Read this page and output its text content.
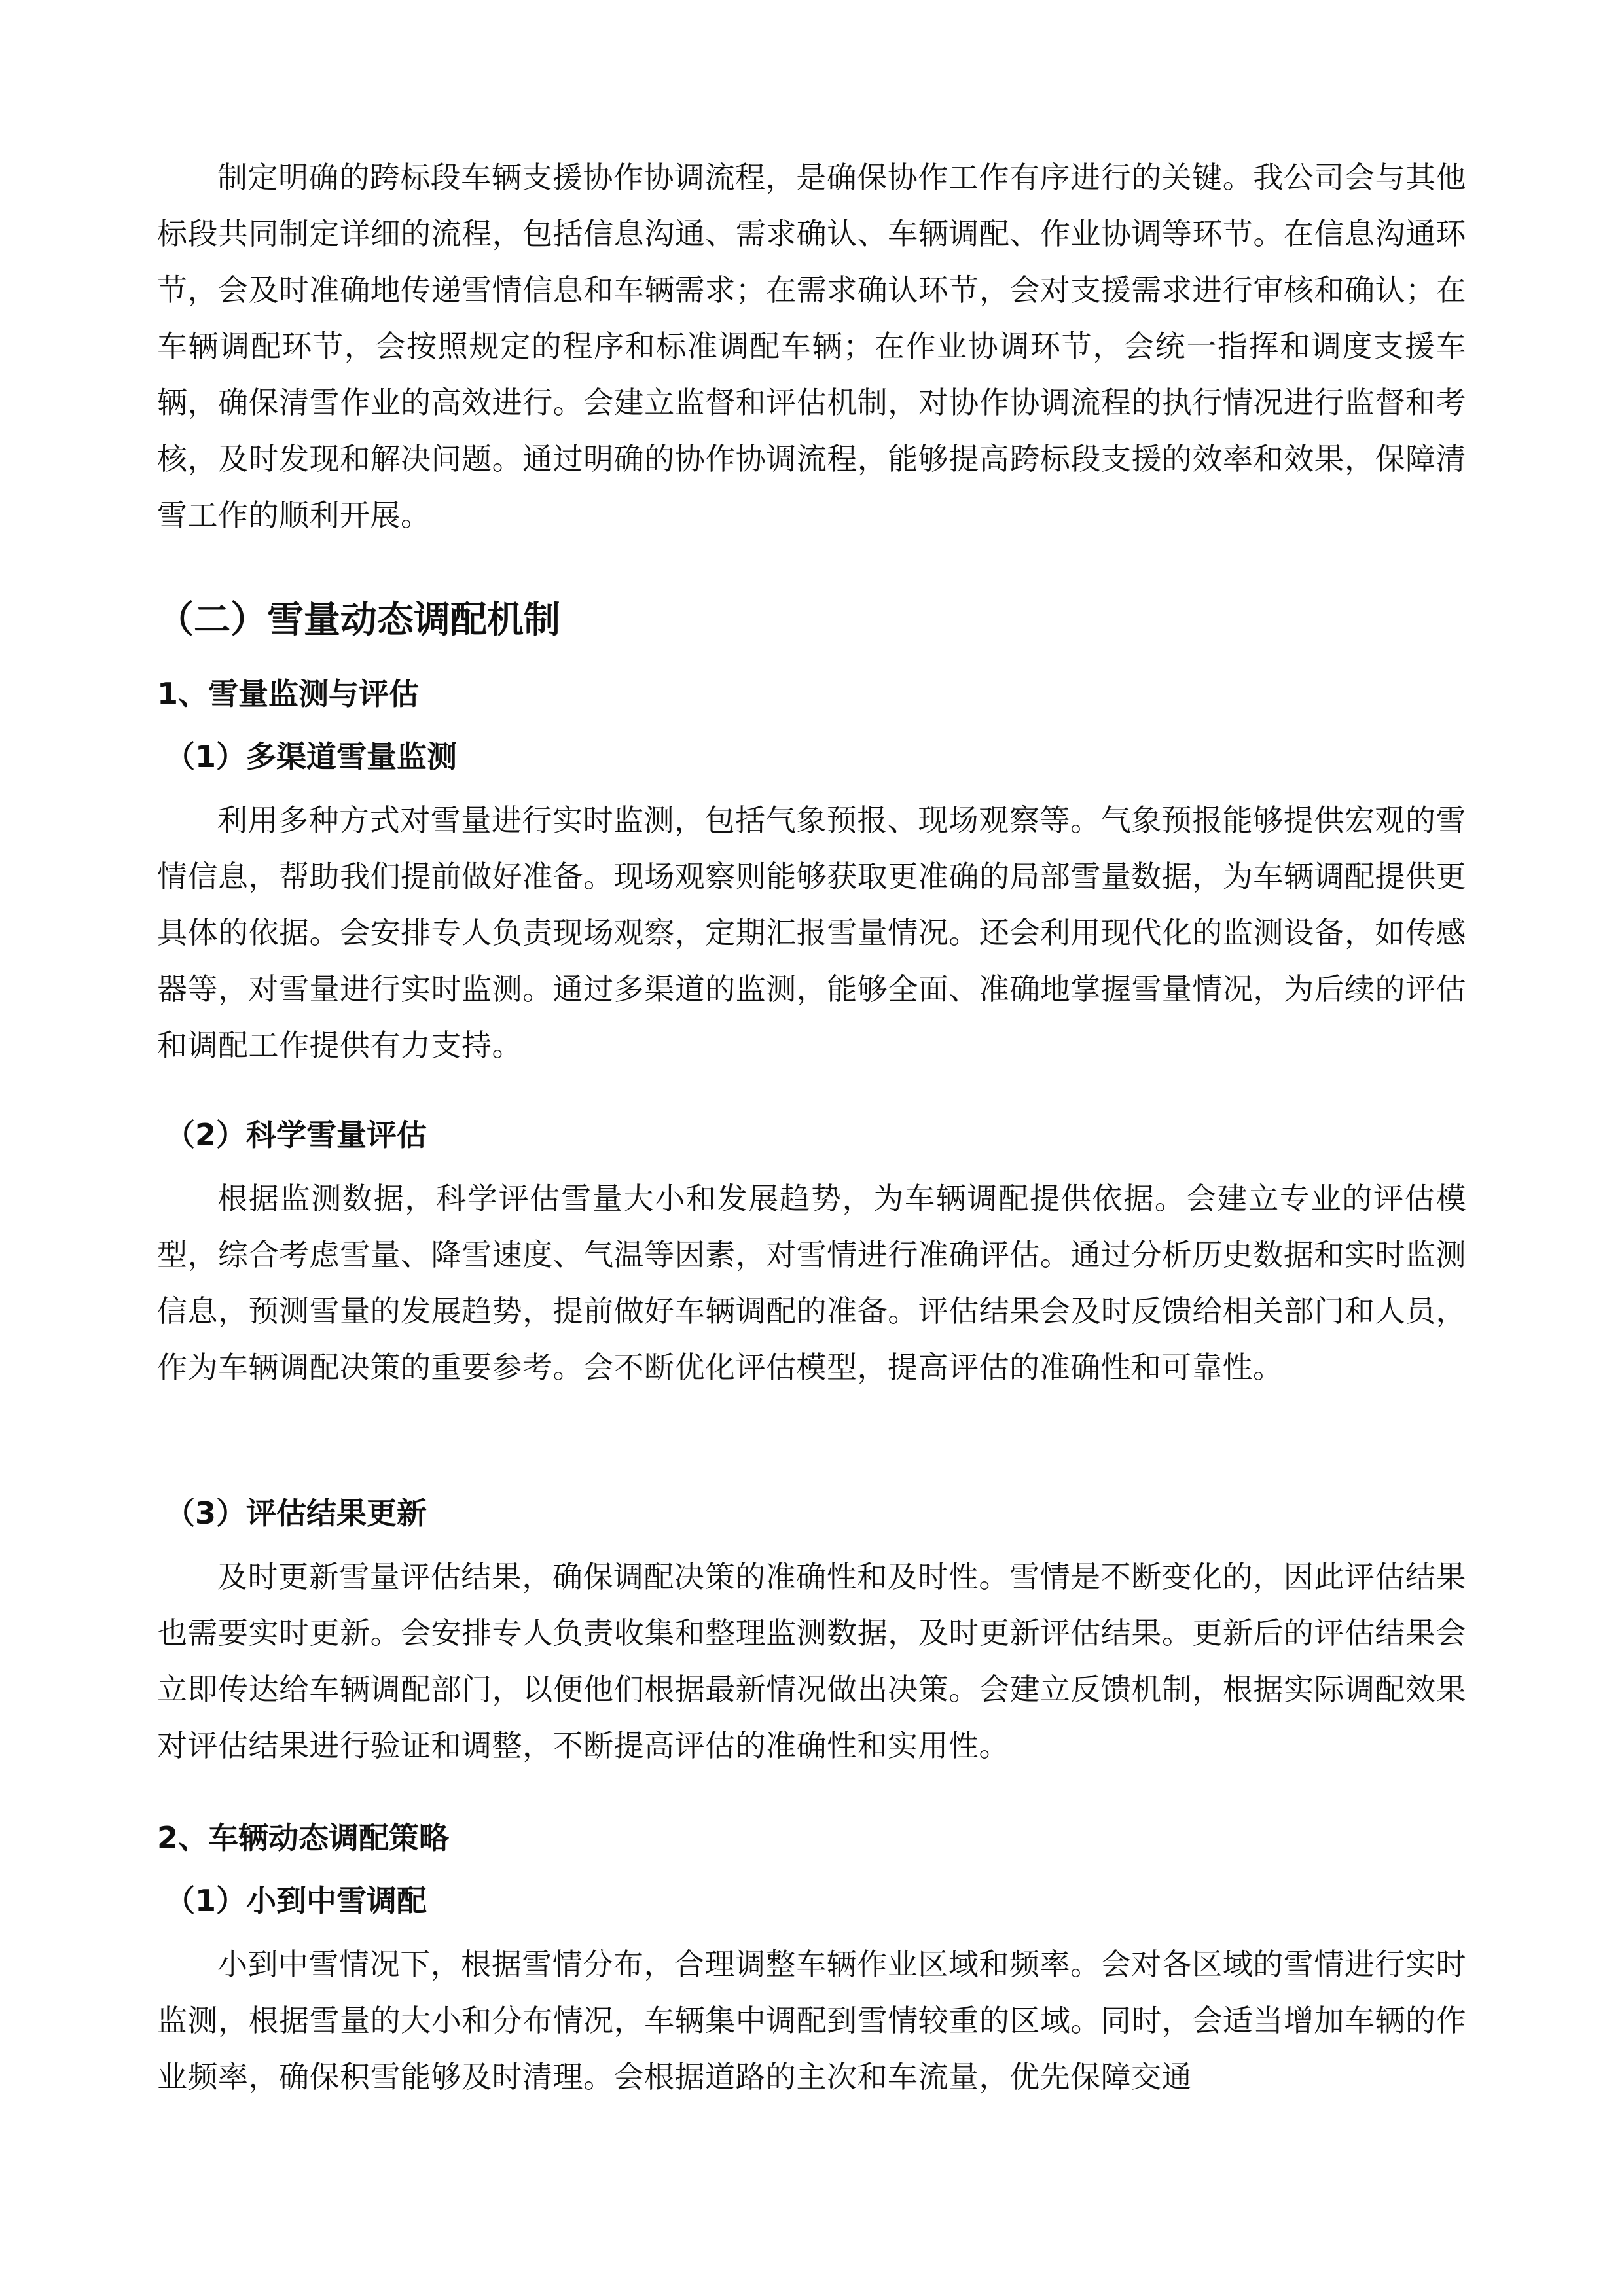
制定明确的跨标段车辆支援协作协调流程，是确保协作工作有序进行的关键。我公司会与其他标段共同制定详细的流程，包括信息沟通、需求确认、车辆调配、作业协调等环节。在信息沟通环节，会及时准确地传递雪情信息和车辆需求；在需求确认环节，会对支援需求进行审核和确认；在车辆调配环节，会按照规定的程序和标准调配车辆；在作业协调环节，会统一指挥和调度支援车辆，确保清雪作业的高效进行。会建立监督和评估机制，对协作协调流程的执行情况进行监督和考核，及时发现和解决问题。通过明确的协作协调流程，能够提高跨标段支援的效率和效果，保障清雪工作的顺利开展。

（二）雪量动态调配机制
1、雪量监测与评估
（1）多渠道雪量监测

利用多种方式对雪量进行实时监测，包括气象预报、现场观察等。气象预报能够提供宏观的雪情信息，帮助我们提前做好准备。现场观察则能够获取更准确的局部雪量数据，为车辆调配提供更具体的依据。会安排专人负责现场观察，定期汇报雪量情况。还会利用现代化的监测设备，如传感器等，对雪量进行实时监测。通过多渠道的监测，能够全面、准确地掌握雪量情况，为后续的评估和调配工作提供有力支持。

（2）科学雪量评估

根据监测数据，科学评估雪量大小和发展趋势，为车辆调配提供依据。会建立专业的评估模型，综合考虑雪量、降雪速度、气温等因素，对雪情进行准确评估。通过分析历史数据和实时监测信息，预测雪量的发展趋势，提前做好车辆调配的准备。评估结果会及时反馈给相关部门和人员，作为车辆调配决策的重要参考。会不断优化评估模型，提高评估的准确性和可靠性。

（3）评估结果更新

及时更新雪量评估结果，确保调配决策的准确性和及时性。雪情是不断变化的，因此评估结果也需要实时更新。会安排专人负责收集和整理监测数据，及时更新评估结果。更新后的评估结果会立即传达给车辆调配部门，以便他们根据最新情况做出决策。会建立反馈机制，根据实际调配效果对评估结果进行验证和调整，不断提高评估的准确性和实用性。

2、车辆动态调配策略
（1）小到中雪调配

小到中雪情况下，根据雪情分布，合理调整车辆作业区域和频率。会对各区域的雪情进行实时监测，根据雪量的大小和分布情况，车辆集中调配到雪情较重的区域。同时，会适当增加车辆的作业频率，确保积雪能够及时清理。会根据道路的主次和车流量，优先保障交通
